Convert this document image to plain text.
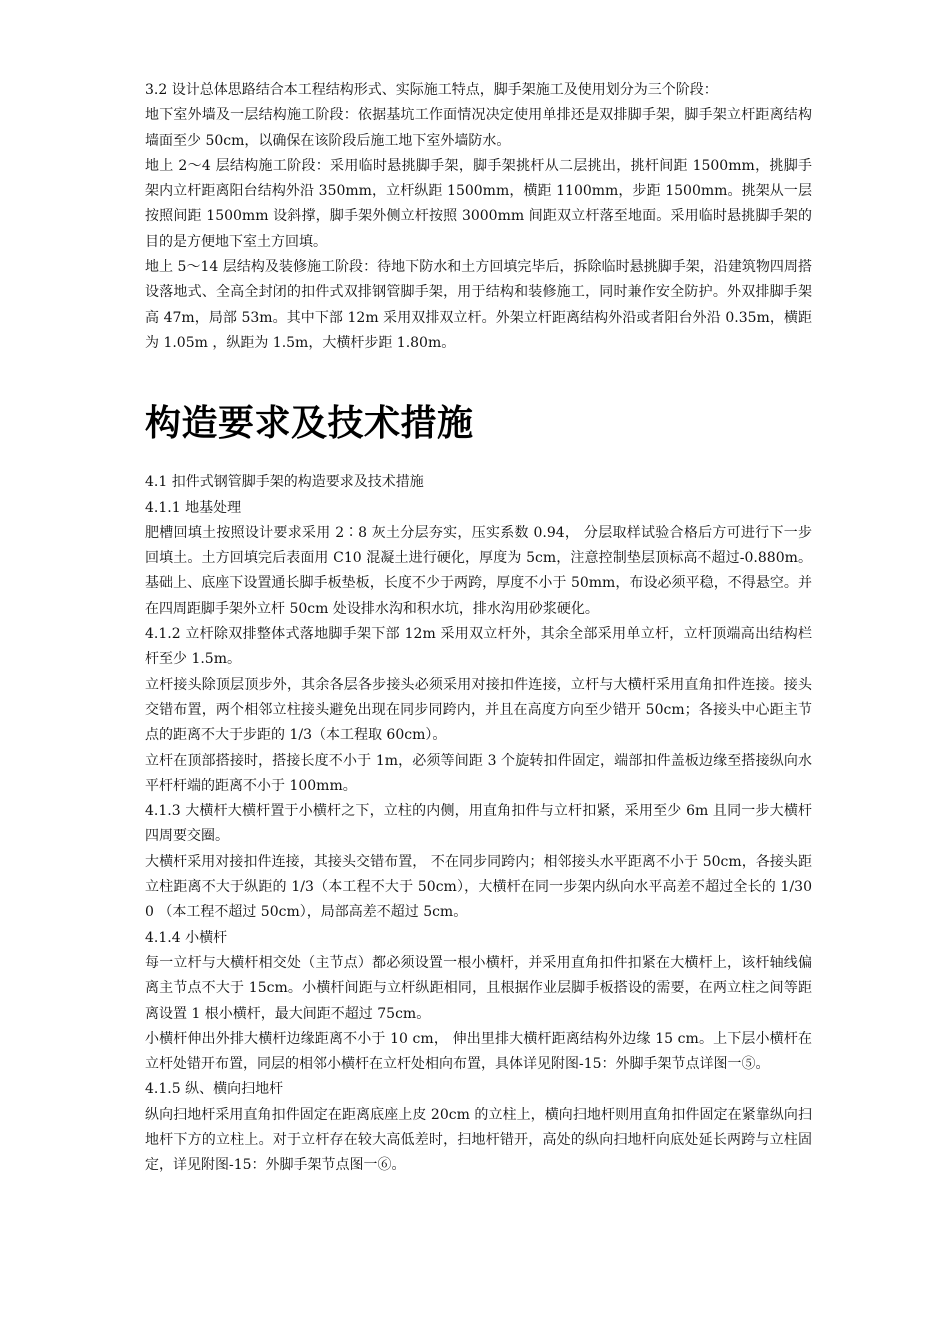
3.2 设计总体思路结合本工程结构形式、实际施工特点，脚手架施工及使用划分为三个阶段：

地下室外墙及一层结构施工阶段：依据基坑工作面情况决定使用单排还是双排脚手架，脚手架立杆距离结构墙面至少 50cm，以确保在该阶段后施工地下室外墙防水。

地上 2～4 层结构施工阶段：采用临时悬挑脚手架，脚手架挑杆从二层挑出，挑杆间距 1500mm，挑脚手架内立杆距离阳台结构外沿 350mm，立杆纵距 1500mm，横距 1100mm，步距 1500mm。挑架从一层按照间距 1500mm 设斜撑，脚手架外侧立杆按照 3000mm 间距双立杆落至地面。采用临时悬挑脚手架的目的是方便地下室土方回填。

地上 5～14 层结构及装修施工阶段：待地下防水和土方回填完毕后，拆除临时悬挑脚手架，沿建筑物四周搭设落地式、全高全封闭的扣件式双排钢管脚手架，用于结构和装修施工，同时兼作安全防护。外双排脚手架高 47m，局部 53m。其中下部 12m 采用双排双立杆。外架立杆距离结构外沿或者阳台外沿 0.35m，横距为 1.05m ，纵距为 1.5m，大横杆步距 1.80m。

构造要求及技术措施

4.1 扣件式钢管脚手架的构造要求及技术措施

4.1.1 地基处理

肥槽回填土按照设计要求采用 2∶8 灰土分层夯实，压实系数 0.94， 分层取样试验合格后方可进行下一步回填土。土方回填完后表面用 C10 混凝土进行硬化，厚度为 5cm，注意控制垫层顶标高不超过-0.880m。基础上、底座下设置通长脚手板垫板，长度不少于两跨，厚度不小于 50mm，布设必须平稳，不得悬空。并在四周距脚手架外立杆 50cm 处设排水沟和积水坑，排水沟用砂浆硬化。

4.1.2 立杆除双排整体式落地脚手架下部 12m 采用双立杆外，其余全部采用单立杆，立杆顶端高出结构栏杆至少 1.5m。

立杆接头除顶层顶步外，其余各层各步接头必须采用对接扣件连接，立杆与大横杆采用直角扣件连接。接头交错布置，两个相邻立柱接头避免出现在同步同跨内，并且在高度方向至少错开 50cm；各接头中心距主节点的距离不大于步距的 1/3（本工程取 60cm）。

立杆在顶部搭接时，搭接长度不小于 1m，必须等间距 3 个旋转扣件固定，端部扣件盖板边缘至搭接纵向水平杆杆端的距离不小于 100mm。

4.1.3 大横杆大横杆置于小横杆之下，立柱的内侧，用直角扣件与立杆扣紧，采用至少 6m 且同一步大横杆四周要交圈。

大横杆采用对接扣件连接，其接头交错布置， 不在同步同跨内；相邻接头水平距离不小于 50cm，各接头距立柱距离不大于纵距的 1/3（本工程不大于 50cm），大横杆在同一步架内纵向水平高差不超过全长的 1/300 （本工程不超过 50cm），局部高差不超过 5cm。

4.1.4 小横杆

每一立杆与大横杆相交处（主节点）都必须设置一根小横杆，并采用直角扣件扣紧在大横杆上，该杆轴线偏离主节点不大于 15cm。小横杆间距与立杆纵距相同，且根据作业层脚手板搭设的需要，在两立柱之间等距离设置 1 根小横杆，最大间距不超过 75cm。

小横杆伸出外排大横杆边缘距离不小于 10 cm， 伸出里排大横杆距离结构外边缘 15 cm。上下层小横杆在立杆处错开布置，同层的相邻小横杆在立杆处相向布置，具体详见附图-15：外脚手架节点详图一⑤。

4.1.5 纵、横向扫地杆

纵向扫地杆采用直角扣件固定在距离底座上皮 20cm 的立柱上，横向扫地杆则用直角扣件固定在紧靠纵向扫地杆下方的立柱上。对于立杆存在较大高低差时，扫地杆错开，高处的纵向扫地杆向底处延长两跨与立柱固定，详见附图-15：外脚手架节点图一⑥。
